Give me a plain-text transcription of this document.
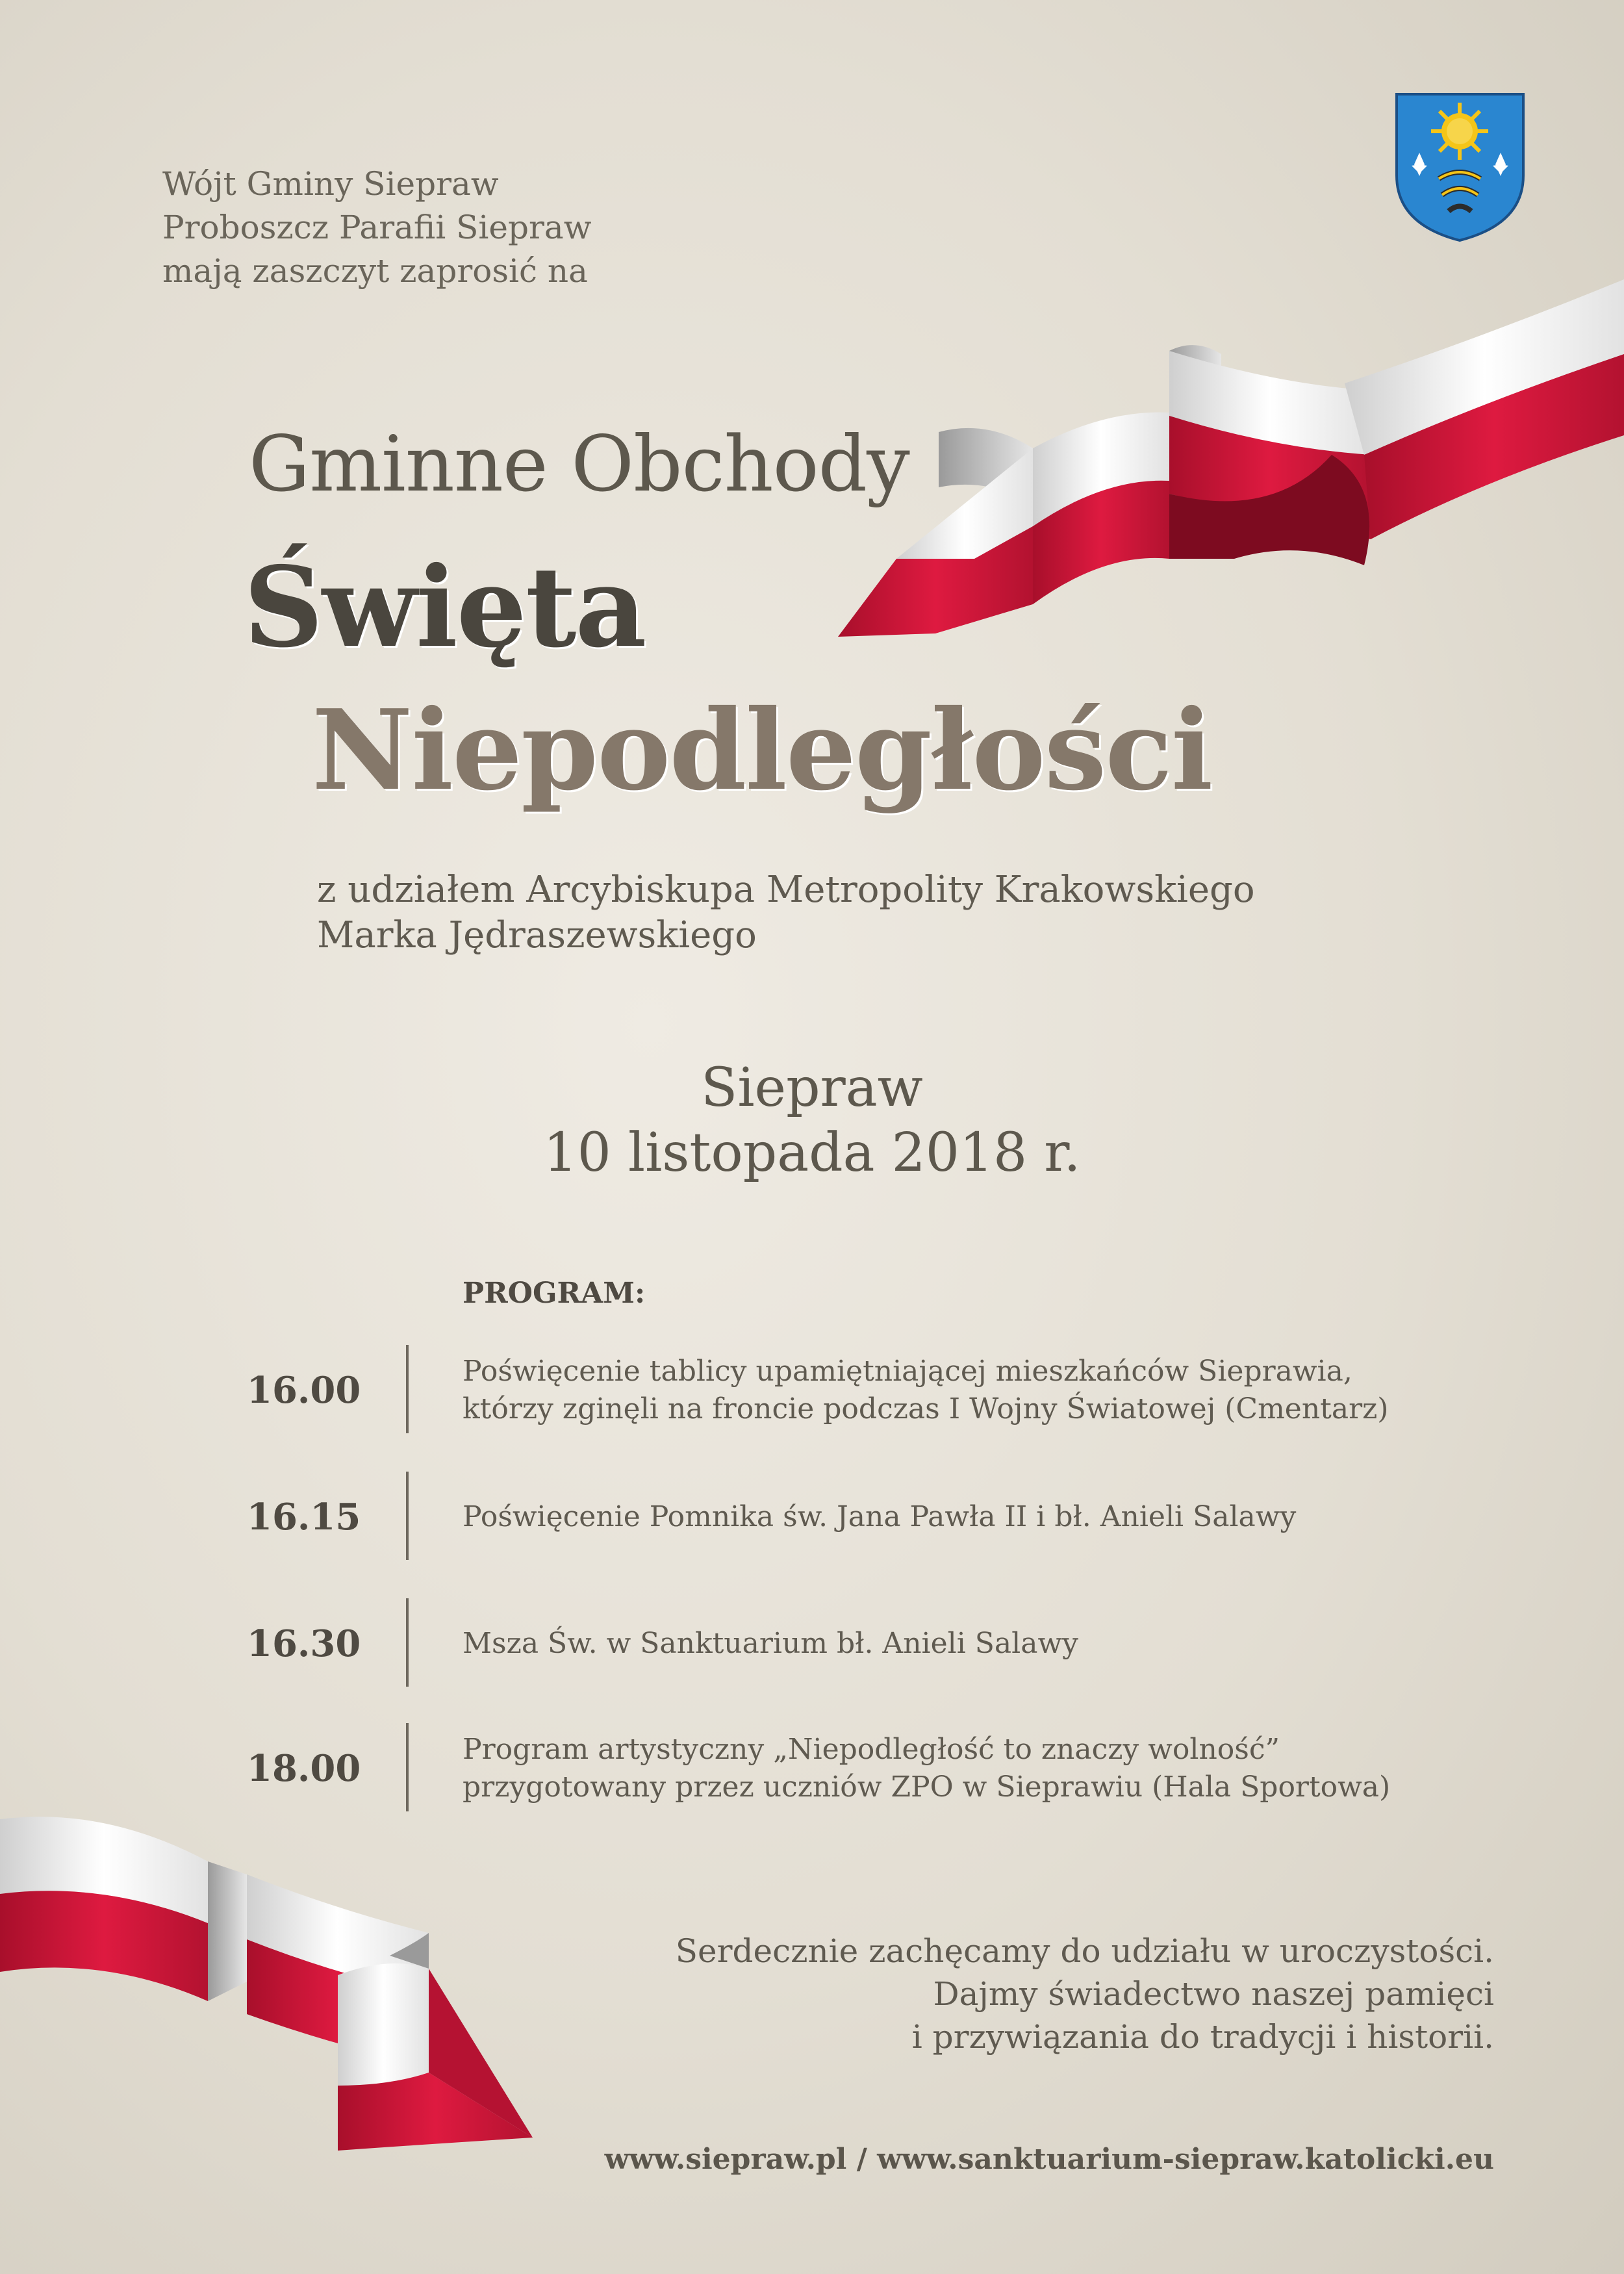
Wójt Gminy Siepraw
Proboszcz Parafii Siepraw
mają zaszczyt zaprosić na
Gminne Obchody
Święta
Niepodległości
z udziałem Arcybiskupa Metropolity Krakowskiego
Marka Jędraszewskiego
Siepraw
10 listopada 2018 r.
PROGRAM:
16.00	Poświęcenie tablicy upamiętniającej mieszkańców Sieprawia,
którzy zginęli na froncie podczas I Wojny Światowej (Cmentarz)
16.15	Poświęcenie Pomnika św. Jana Pawła II i bł. Anieli Salawy
16.30	Msza Św. w Sanktuarium bł. Anieli Salawy
18.00	Program artystyczny „Niepodległość to znaczy wolność”
przygotowany przez uczniów ZPO w Sieprawiu (Hala Sportowa)
Serdecznie zachęcamy do udziału w uroczystości.
Dajmy świadectwo naszej pamięci
i przywiązania do tradycji i historii.
www.siepraw.pl / www.sanktuarium-siepraw.katolicki.eu
